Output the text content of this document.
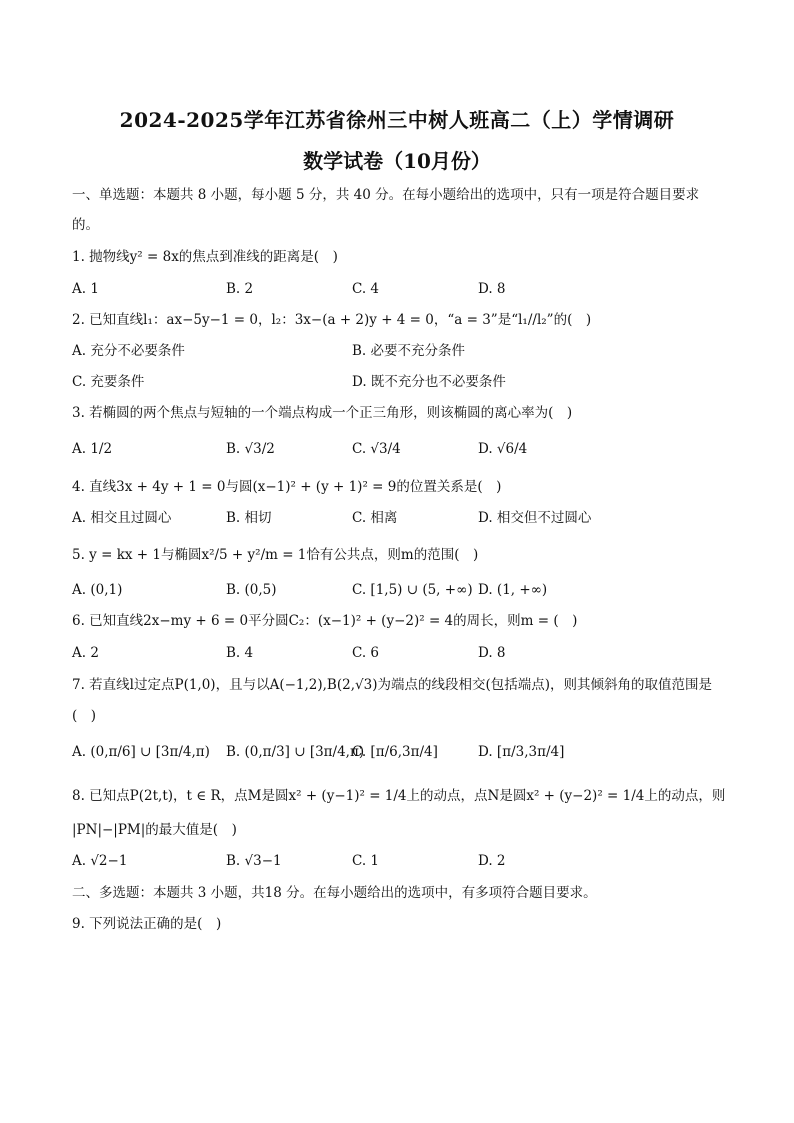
2024-2025学年江苏省徐州三中树人班高二（上）学情调研
数学试卷（10月份）
一、单选题：本题共 8 小题，每小题 5 分，共 40 分。在每小题给出的选项中，只有一项是符合题目要求
的。
1. 抛物线y² = 8x的焦点到准线的距离是(　)
A. 1	B. 2	C. 4	D. 8
2. 已知直线l₁：ax−5y−1 = 0，l₂：3x−(a + 2)y + 4 = 0，“a = 3”是“l₁//l₂”的(　)
A. 充分不必要条件	B. 必要不充分条件
C. 充要条件	D. 既不充分也不必要条件
3. 若椭圆的两个焦点与短轴的一个端点构成一个正三角形，则该椭圆的离心率为(　)
A. 1/2	B. √3/2	C. √3/4	D. √6/4
4. 直线3x + 4y + 1 = 0与圆(x−1)² + (y + 1)² = 9的位置关系是(　)
A. 相交且过圆心	B. 相切	C. 相离	D. 相交但不过圆心
5. y = kx + 1与椭圆x²/5 + y²/m = 1恰有公共点，则m的范围(　)
A. (0,1)	B. (0,5)	C. [1,5) ∪ (5, +∞) D. (1, +∞)
6. 已知直线2x−my + 6 = 0平分圆C₂：(x−1)² + (y−2)² = 4的周长，则m = (　)
A. 2	B. 4	C. 6	D. 8
7. 若直线l过定点P(1,0)，且与以A(−1,2),B(2,√3)为端点的线段相交(包括端点)，则其倾斜角的取值范围是
(　)
A. (0,π/6] ∪ [3π/4,π) B. (0,π/3] ∪ [3π/4,π)
C. [π/6,3π/4]	D. [π/3,3π/4]
8. 已知点P(2t,t)，t ∈ R，点M是圆x² + (y−1)² = 1/4上的动点，点N是圆x² + (y−2)² = 1/4上的动点，则
|PN|−|PM|的最大值是(　)
A. √2−1	B. √3−1	C. 1	D. 2
二、多选题：本题共 3 小题，共18 分。在每小题给出的选项中，有多项符合题目要求。
9. 下列说法正确的是(　)
